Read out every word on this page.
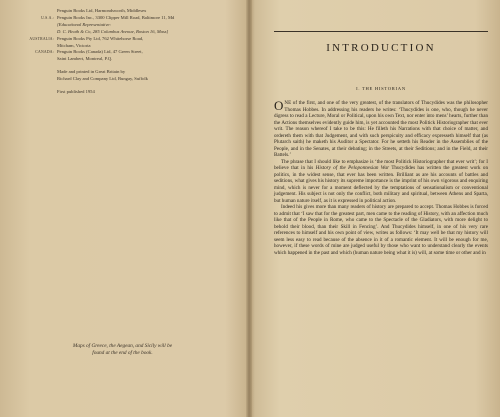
Penguin Books Ltd, Harmondsworth, Middlesex
U.S.A.: Penguin Books Inc., 3300 Clipper Mill Road, Baltimore 11, Md
[Educational Representative:
D. C. Heath & Co, 285 Columbus Avenue, Boston 16, Mass]
AUSTRALIA: Penguin Books Pty Ltd, 762 Whitehorse Road,
Mitcham, Victoria
CANADA: Penguin Books (Canada) Ltd, 47 Green Street,
Saint Lambert, Montreal, P.Q.
Made and printed in Great Britain by
Richard Clay and Company Ltd, Bungay, Suffolk
First published 1954
Maps of Greece, the Aegean, and Sicily will be
found at the end of the book.
INTRODUCTION
I. THE HISTORIAN

ONE of the first, and one of the very greatest, of the translators of Thucydides was the philosopher Thomas Hobbes. In addressing his readers he writes: ‘Thucydides is one, who, though he never digress to read a Lecture, Moral or Political, upon his own Text, nor enter into mens’ hearts, further than the Actions themselves evidently guide him, is yet accounted the most Politick Historiographer that ever writ. The reason whereof I take to be this: He filleth his Narrations with that choice of matter, and ordereth them with that Judgement, and with such perspicuity and efficacy expresseth himself that (as Plutarch saith) he maketh his Auditor a Spectator. For he setteth his Reader in the Assemblies of the People, and in the Senates, at their debating; in the Streets, at their Seditions; and in the Field, at their Battels.’

The phrase that I should like to emphasize is ‘the most Politick Historiographer that ever writ’; for I believe that in his History of the Peloponnesian War Thucydides has written the greatest work on politics, in the widest sense, that ever has been written. Brilliant as are his accounts of battles and seditions, what gives his history its supreme importance is the imprint of his own vigorous and enquiring mind, which is never for a moment deflected by the temptations of sensationalism or conventional judgement. His subject is not only the conflict, both military and spiritual, between Athens and Sparta, but human nature itself, as it is expressed in political action.

Indeed his gives more than many readers of history are prepared to accept. Thomas Hobbes is forced to admit that ‘I saw that for the greatest part, men came to the reading of History, with an affection much like that of the People in Rome, who came to the Spectacle of the Gladiators, with more delight to behold their blood, than their Skill in Fencing’. And Thucydides himself, in one of his very rare references to himself and his own point of view, writes as follows: ‘It may well be that my history will seem less easy to read because of the absence in it of a romantic element. It will be enough for me, however, if these words of mine are judged useful by those who want to understand clearly the events which happened in the past and which (human nature being what it is) will, at some time or other and in
